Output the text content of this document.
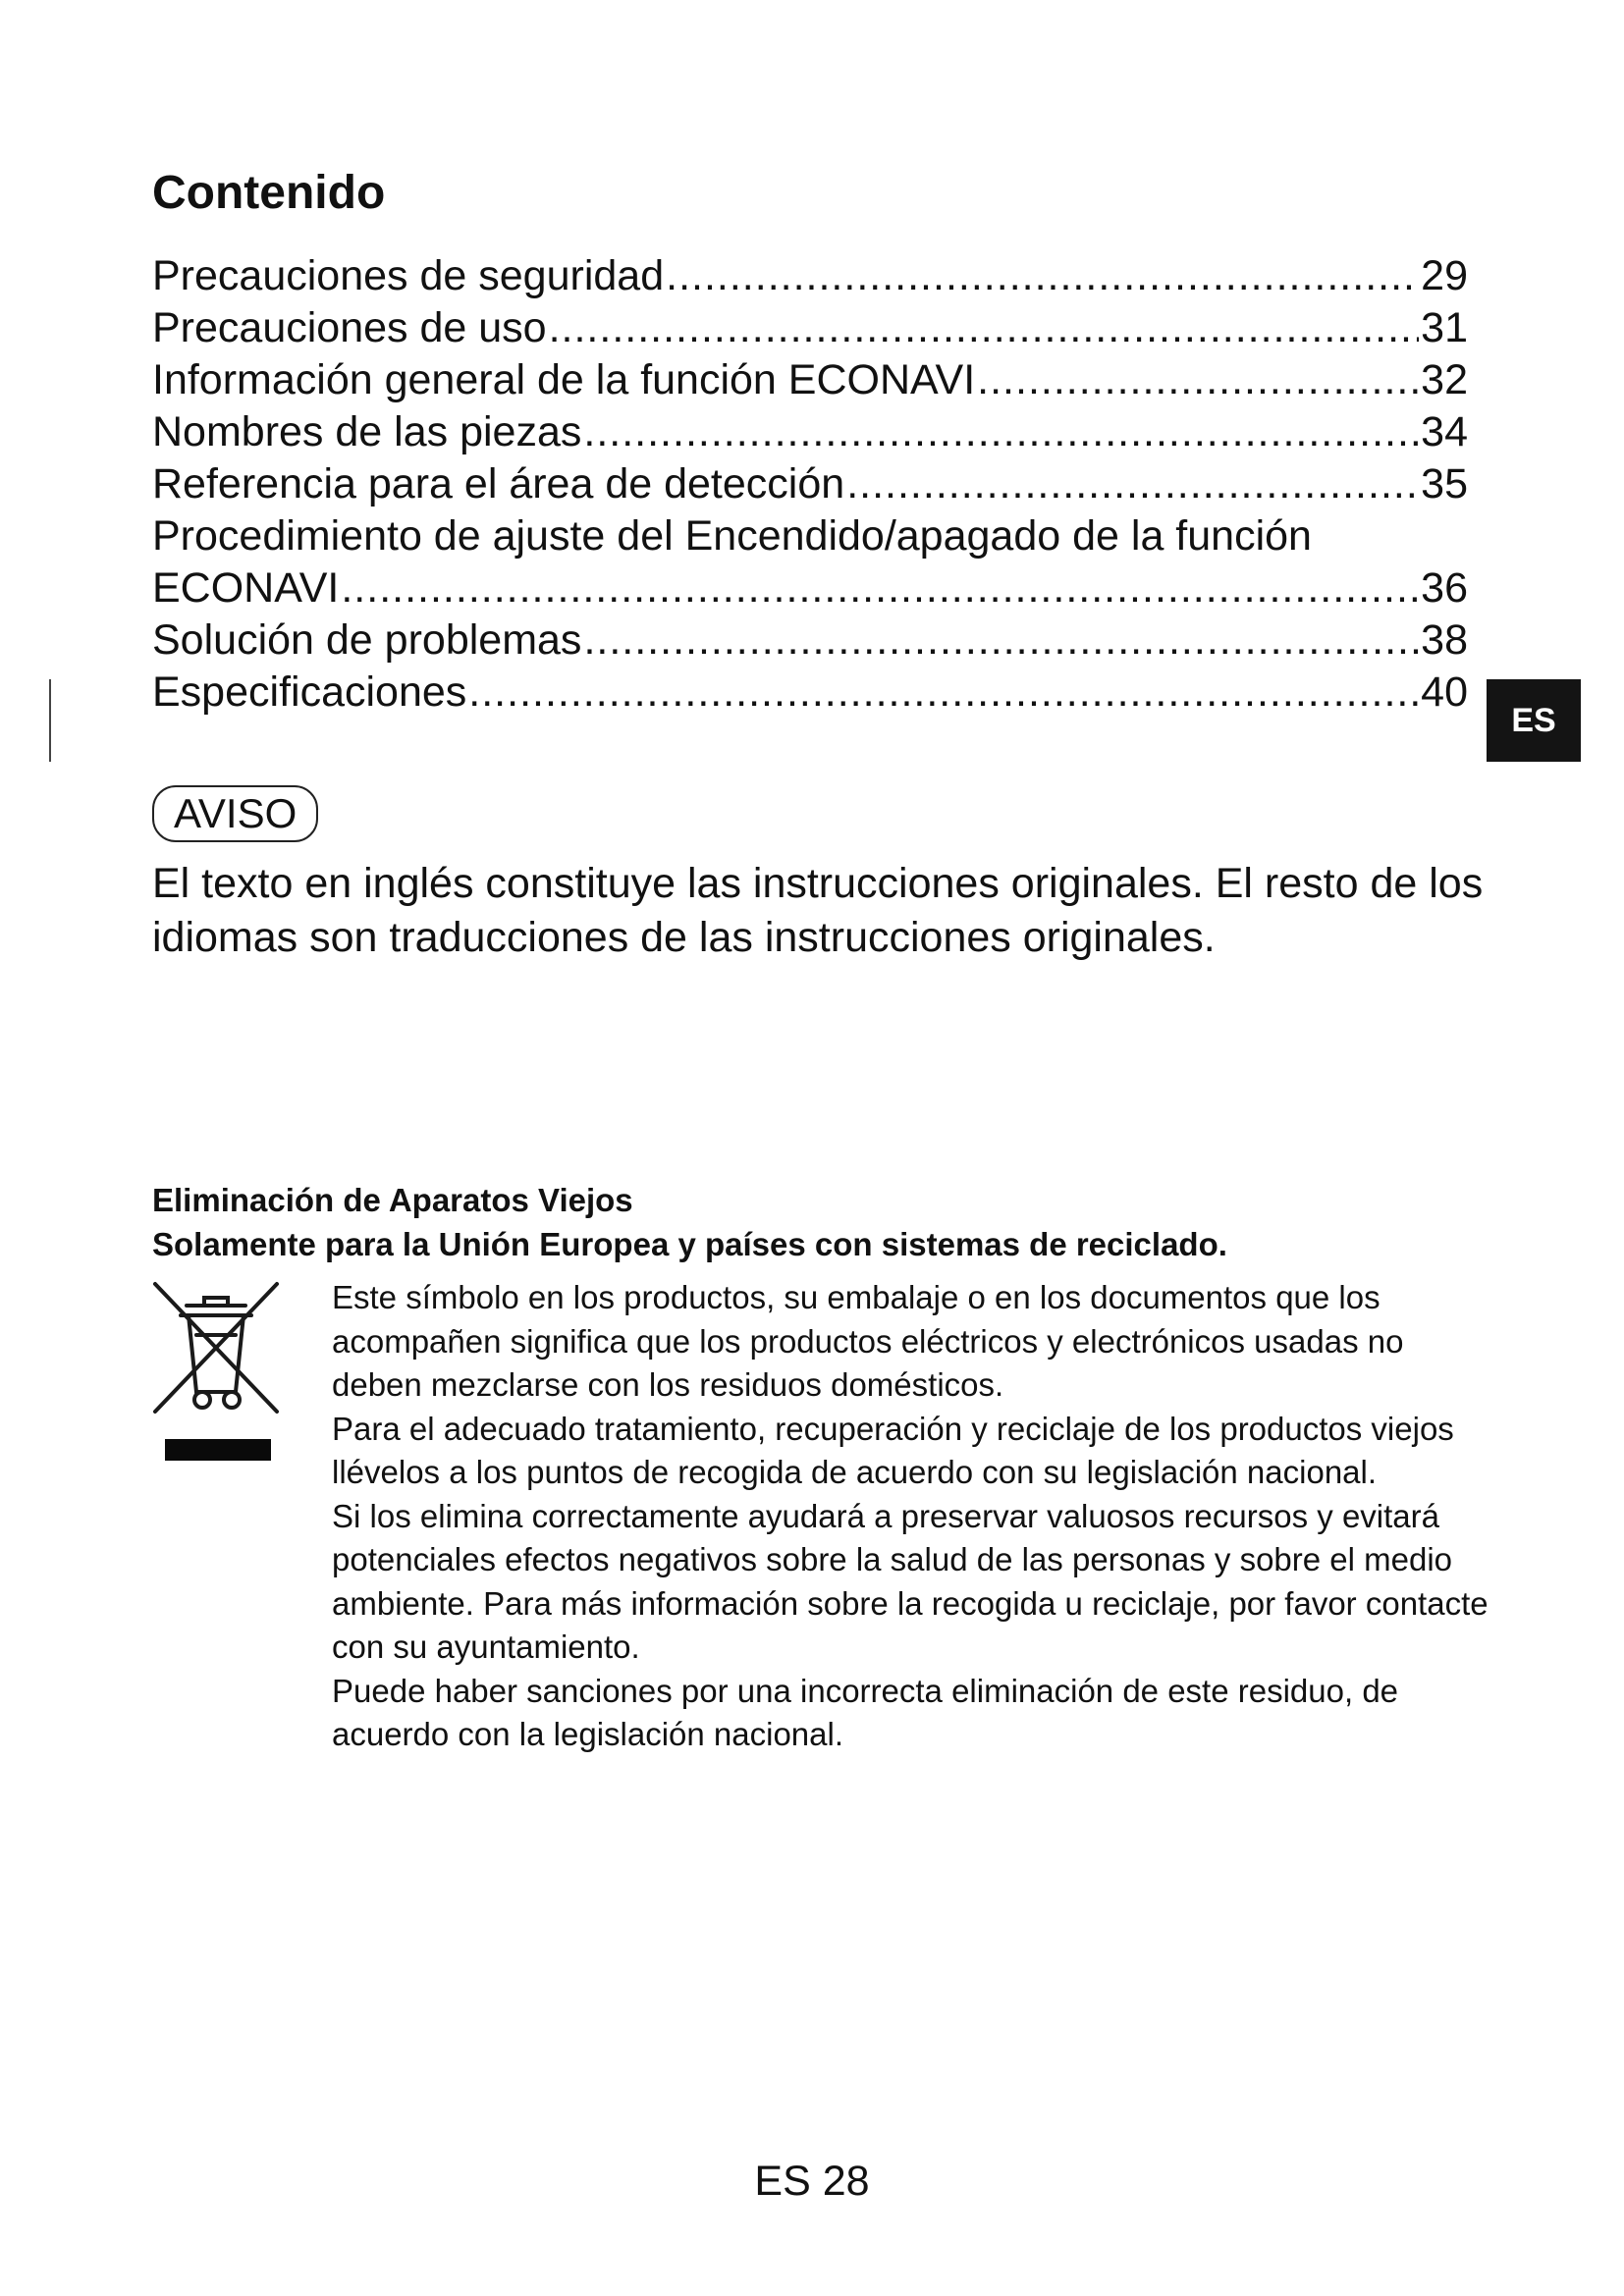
Contenido
Precauciones de seguridad .....	29
Precauciones de uso .....	31
Información general de la función ECONAVI .....	32
Nombres de las piezas .....	34
Referencia para el área de detección .....	35
Procedimiento de ajuste del Encendido/apagado de la función
ECONAVI .....	36
Solución de problemas .....	38
Especificaciones .....	40
ES
AVISO

El texto en inglés constituye las instrucciones originales. El resto de los idiomas son traducciones de las instrucciones originales.

Eliminación de Aparatos Viejos
Solamente para la Unión Europea y países con sistemas de reciclado.
Este símbolo en los productos, su embalaje o en los documentos que los acompañen significa que los productos eléctricos y electrónicos usadas no deben mezclarse con los residuos domésticos.
Para el adecuado tratamiento, recuperación y reciclaje de los productos viejos llévelos a los puntos de recogida de acuerdo con su legislación nacional.
Si los elimina correctamente ayudará a preservar valuosos recursos y evitará potenciales efectos negativos sobre la salud de las personas y sobre el medio ambiente. Para más información sobre la recogida u reciclaje, por favor contacte con su ayuntamiento.
Puede haber sanciones por una incorrecta eliminación de este residuo, de acuerdo con la legislación nacional.
ES 28
